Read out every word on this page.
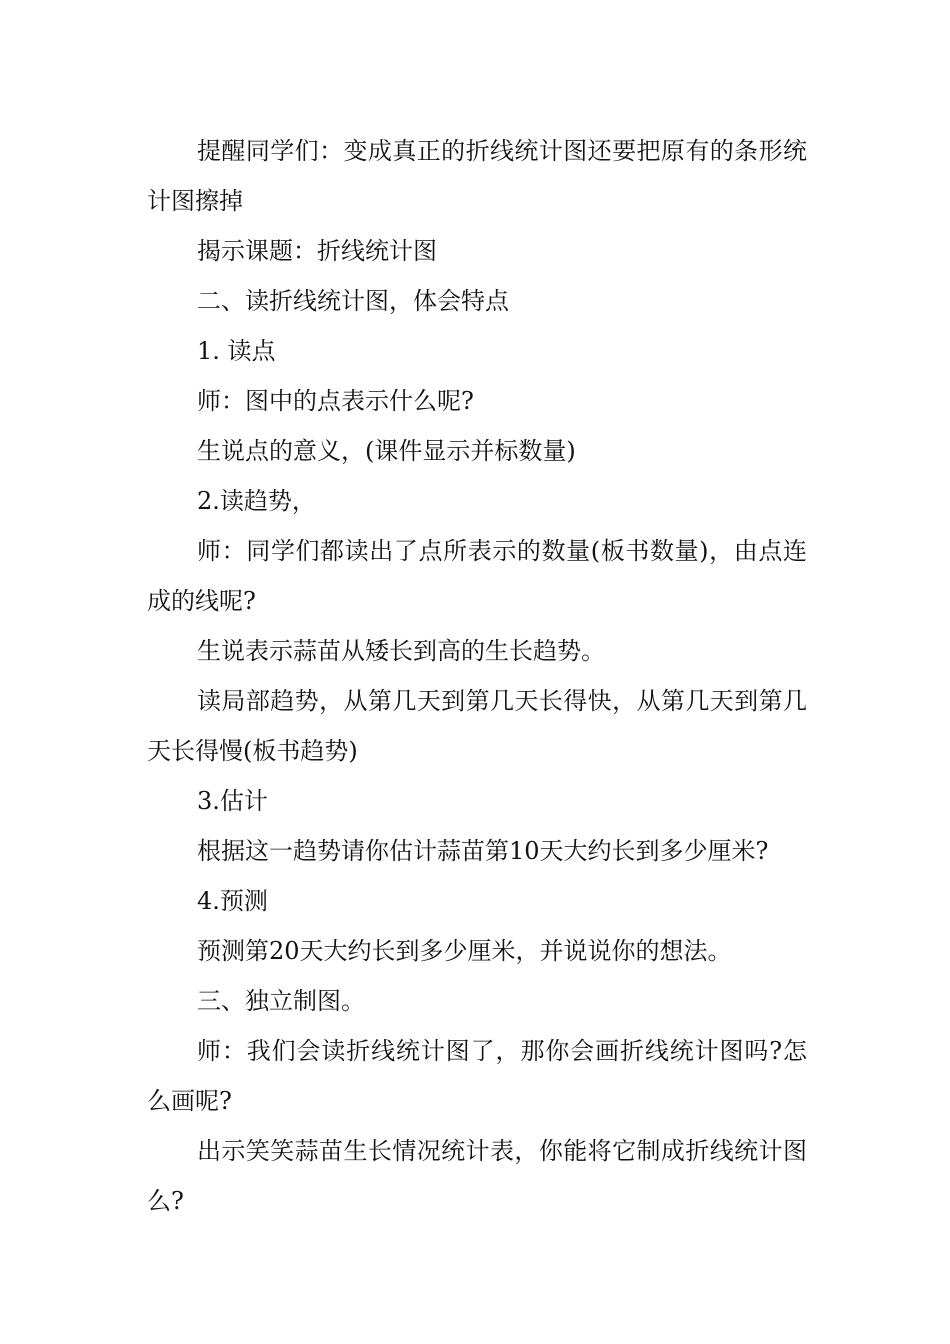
提醒同学们：变成真正的折线统计图还要把原有的条形统计图擦掉
揭示课题：折线统计图
二、读折线统计图，体会特点
1. 读点
师：图中的点表示什么呢?
生说点的意义，(课件显示并标数量)
2.读趋势，
师：同学们都读出了点所表示的数量(板书数量)，由点连成的线呢?
生说表示蒜苗从矮长到高的生长趋势。
读局部趋势，从第几天到第几天长得快，从第几天到第几天长得慢(板书趋势)
3.估计
根据这一趋势请你估计蒜苗第10天大约长到多少厘米?
4.预测
预测第20天大约长到多少厘米，并说说你的想法。
三、独立制图。
师：我们会读折线统计图了，那你会画折线统计图吗?怎么画呢?
出示笑笑蒜苗生长情况统计表，你能将它制成折线统计图么?
